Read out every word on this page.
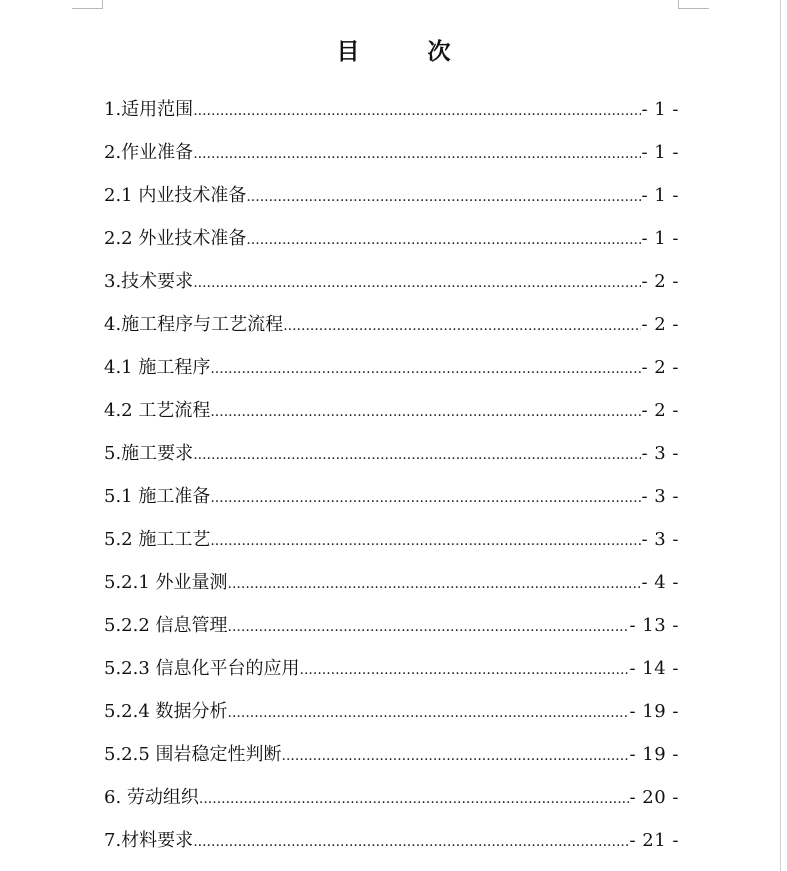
目 次
1.适用范围 .....	- 1 -
2.作业准备 .....	- 1 -
2.1 内业技术准备 .....	- 1 -
2.2 外业技术准备 .....	- 1 -
3.技术要求 .....	- 2 -
4.施工程序与工艺流程 .....	- 2 -
4.1 施工程序 .....	- 2 -
4.2 工艺流程 .....	- 2 -
5.施工要求 .....	- 3 -
5.1 施工准备 .....	- 3 -
5.2 施工工艺 .....	- 3 -
5.2.1 外业量测 .....	- 4 -
5.2.2 信息管理 .....	- 13 -
5.2.3 信息化平台的应用 .....	- 14 -
5.2.4 数据分析 .....	- 19 -
5.2.5 围岩稳定性判断 .....	- 19 -
6. 劳动组织 .....	- 20 -
7.材料要求 .....	- 21 -
